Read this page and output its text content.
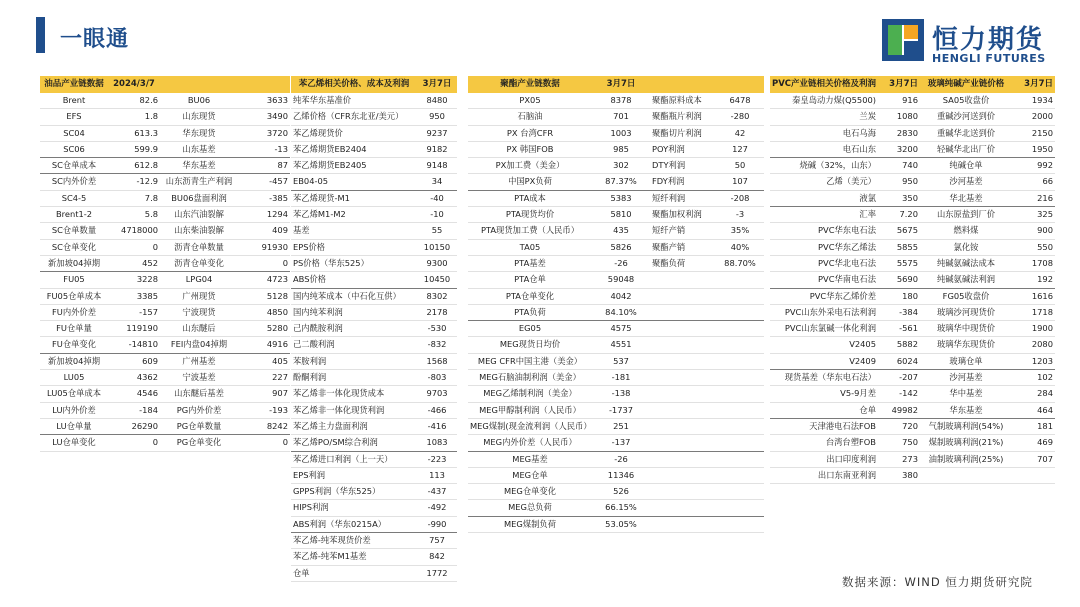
一眼通	恒力期货
HENGLI FUTURES
油品产业链数据	2024/3/7		
Brent	82.6	BU06	3633
EFS	1.8	山东现货	3490
SC04	613.3	华东现货	3720
SC06	599.9	山东基差	-13
SC仓单成本	612.8	华东基差	87
SC内外价差	-12.9	山东沥青生产利润	-457
SC4-5	7.8	BU06盘面利润	-385
Brent1-2	5.8	山东汽油裂解	1294
SC仓单数量	4718000	山东柴油裂解	409
SC仓单变化	0	沥青仓单数量	91930
新加坡04掉期	452	沥青仓单变化	0
FU05	3228	LPG04	4723
FU05仓单成本	3385	广州现货	5128
FU内外价差	-157	宁波现货	4850
FU仓单量	119190	山东醚后	5280
FU仓单变化	-14810	FEI内盘04掉期	4916
新加坡04掉期	609	广州基差	405
LU05	4362	宁波基差	227
LU05仓单成本	4546	山东醚后基差	907
LU内外价差	-184	PG内外价差	-193
LU仓单量	26290	PG仓单数量	8242
LU仓单变化	0	PG仓单变化	0
苯乙烯相关价格、成本及利润	3月7日
纯苯华东基准价	8480
乙烯价格（CFR东北亚/美元）	950
苯乙烯现货价	9237
苯乙烯期货EB2404	9182
苯乙烯期货EB2405	9148
EB04-05	34
苯乙烯现货-M1	-40
苯乙烯M1-M2	-10
基差	55
EPS价格	10150
PS价格（华东525）	9300
ABS价格	10450
国内纯苯成本（中石化互供）	8302
国内纯苯利润	2178
己内酰胺利润	-530
己二酸利润	-832
苯胺利润	1568
酚酮利润	-803
苯乙烯非一体化现货成本	9703
苯乙烯非一体化现货利润	-466
苯乙烯主力盘面利润	-416
苯乙烯PO/SM综合利润	1083
苯乙烯进口利润（上一天）	-223
EPS利润	113
GPPS利润（华东525）	-437
HIPS利润	-492
ABS利润（华东0215A）	-990
苯乙烯-纯苯现货价差	757
苯乙烯-纯苯M1基差	842
仓单	1772
聚酯产业链数据	3月7日		
PX05	8378	聚酯原料成本	6478
石脑油	701	聚酯瓶片利润	-280
PX 台湾CFR	1003	聚酯切片利润	42
PX 韩国FOB	985	POY利润	127
PX加工费（美金）	302	DTY利润	50
中国PX负荷	87.37%	FDY利润	107
PTA成本	5383	短纤利润	-208
PTA现货均价	5810	聚酯加权利润	-3
PTA现货加工费（人民币）	435	短纤产销	35%
TA05	5826	聚酯产销	40%
PTA基差	-26	聚酯负荷	88.70%
PTA仓单	59048		
PTA仓单变化	4042		
PTA负荷	84.10%		
EG05	4575		
MEG现货日均价	4551		
MEG CFR中国主港（美金）	537		
MEG石脑油制利润（美金）	-181		
MEG乙烯制利润（美金）	-138		
MEG甲醇制利润（人民币）	-1737		
MEG煤制(现金流利润（人民币）	251		
MEG内外价差（人民币）	-137		
MEG基差	-26		
MEG仓单	11346		
MEG仓单变化	526		
MEG总负荷	66.15%		
MEG煤制负荷	53.05%		
PVC产业链相关价格及利润	3月7日	玻璃纯碱产业链价格	3月7日
秦皇岛动力煤(Q5500)	916	SA05收盘价	1934
兰炭	1080	重碱沙河送到价	2000
电石乌海	2830	重碱华北送到价	2150
电石山东	3200	轻碱华北出厂价	1950
烧碱（32%，山东）	740	纯碱仓单	992
乙烯（美元）	950	沙河基差	66
液氯	350	华北基差	216
汇率	7.20	山东原盐到厂价	325
PVC华东电石法	5675	燃料煤	900
PVC华东乙烯法	5855	氯化铵	550
PVC华北电石法	5575	纯碱氨碱法成本	1708
PVC华南电石法	5690	纯碱氨碱法利润	192
PVC华东乙烯价差	180	FG05收盘价	1616
PVC山东外采电石法利润	-384	玻璃沙河现货价	1718
PVC山东氯碱一体化利润	-561	玻璃华中现货价	1900
V2405	5882	玻璃华东现货价	2080
V2409	6024	玻璃仓单	1203
现货基差（华东电石法）	-207	沙河基差	102
V5-9月差	-142	华中基差	284
仓单	49982	华东基差	464
天津港电石法FOB	720	气制玻璃利润(54%)	181
台湾台塑FOB	750	煤制玻璃利润(21%)	469
出口印度利润	273	油制玻璃利润(25%)	707
出口东南亚利润	380		
数据来源：WIND 恒力期货研究院
